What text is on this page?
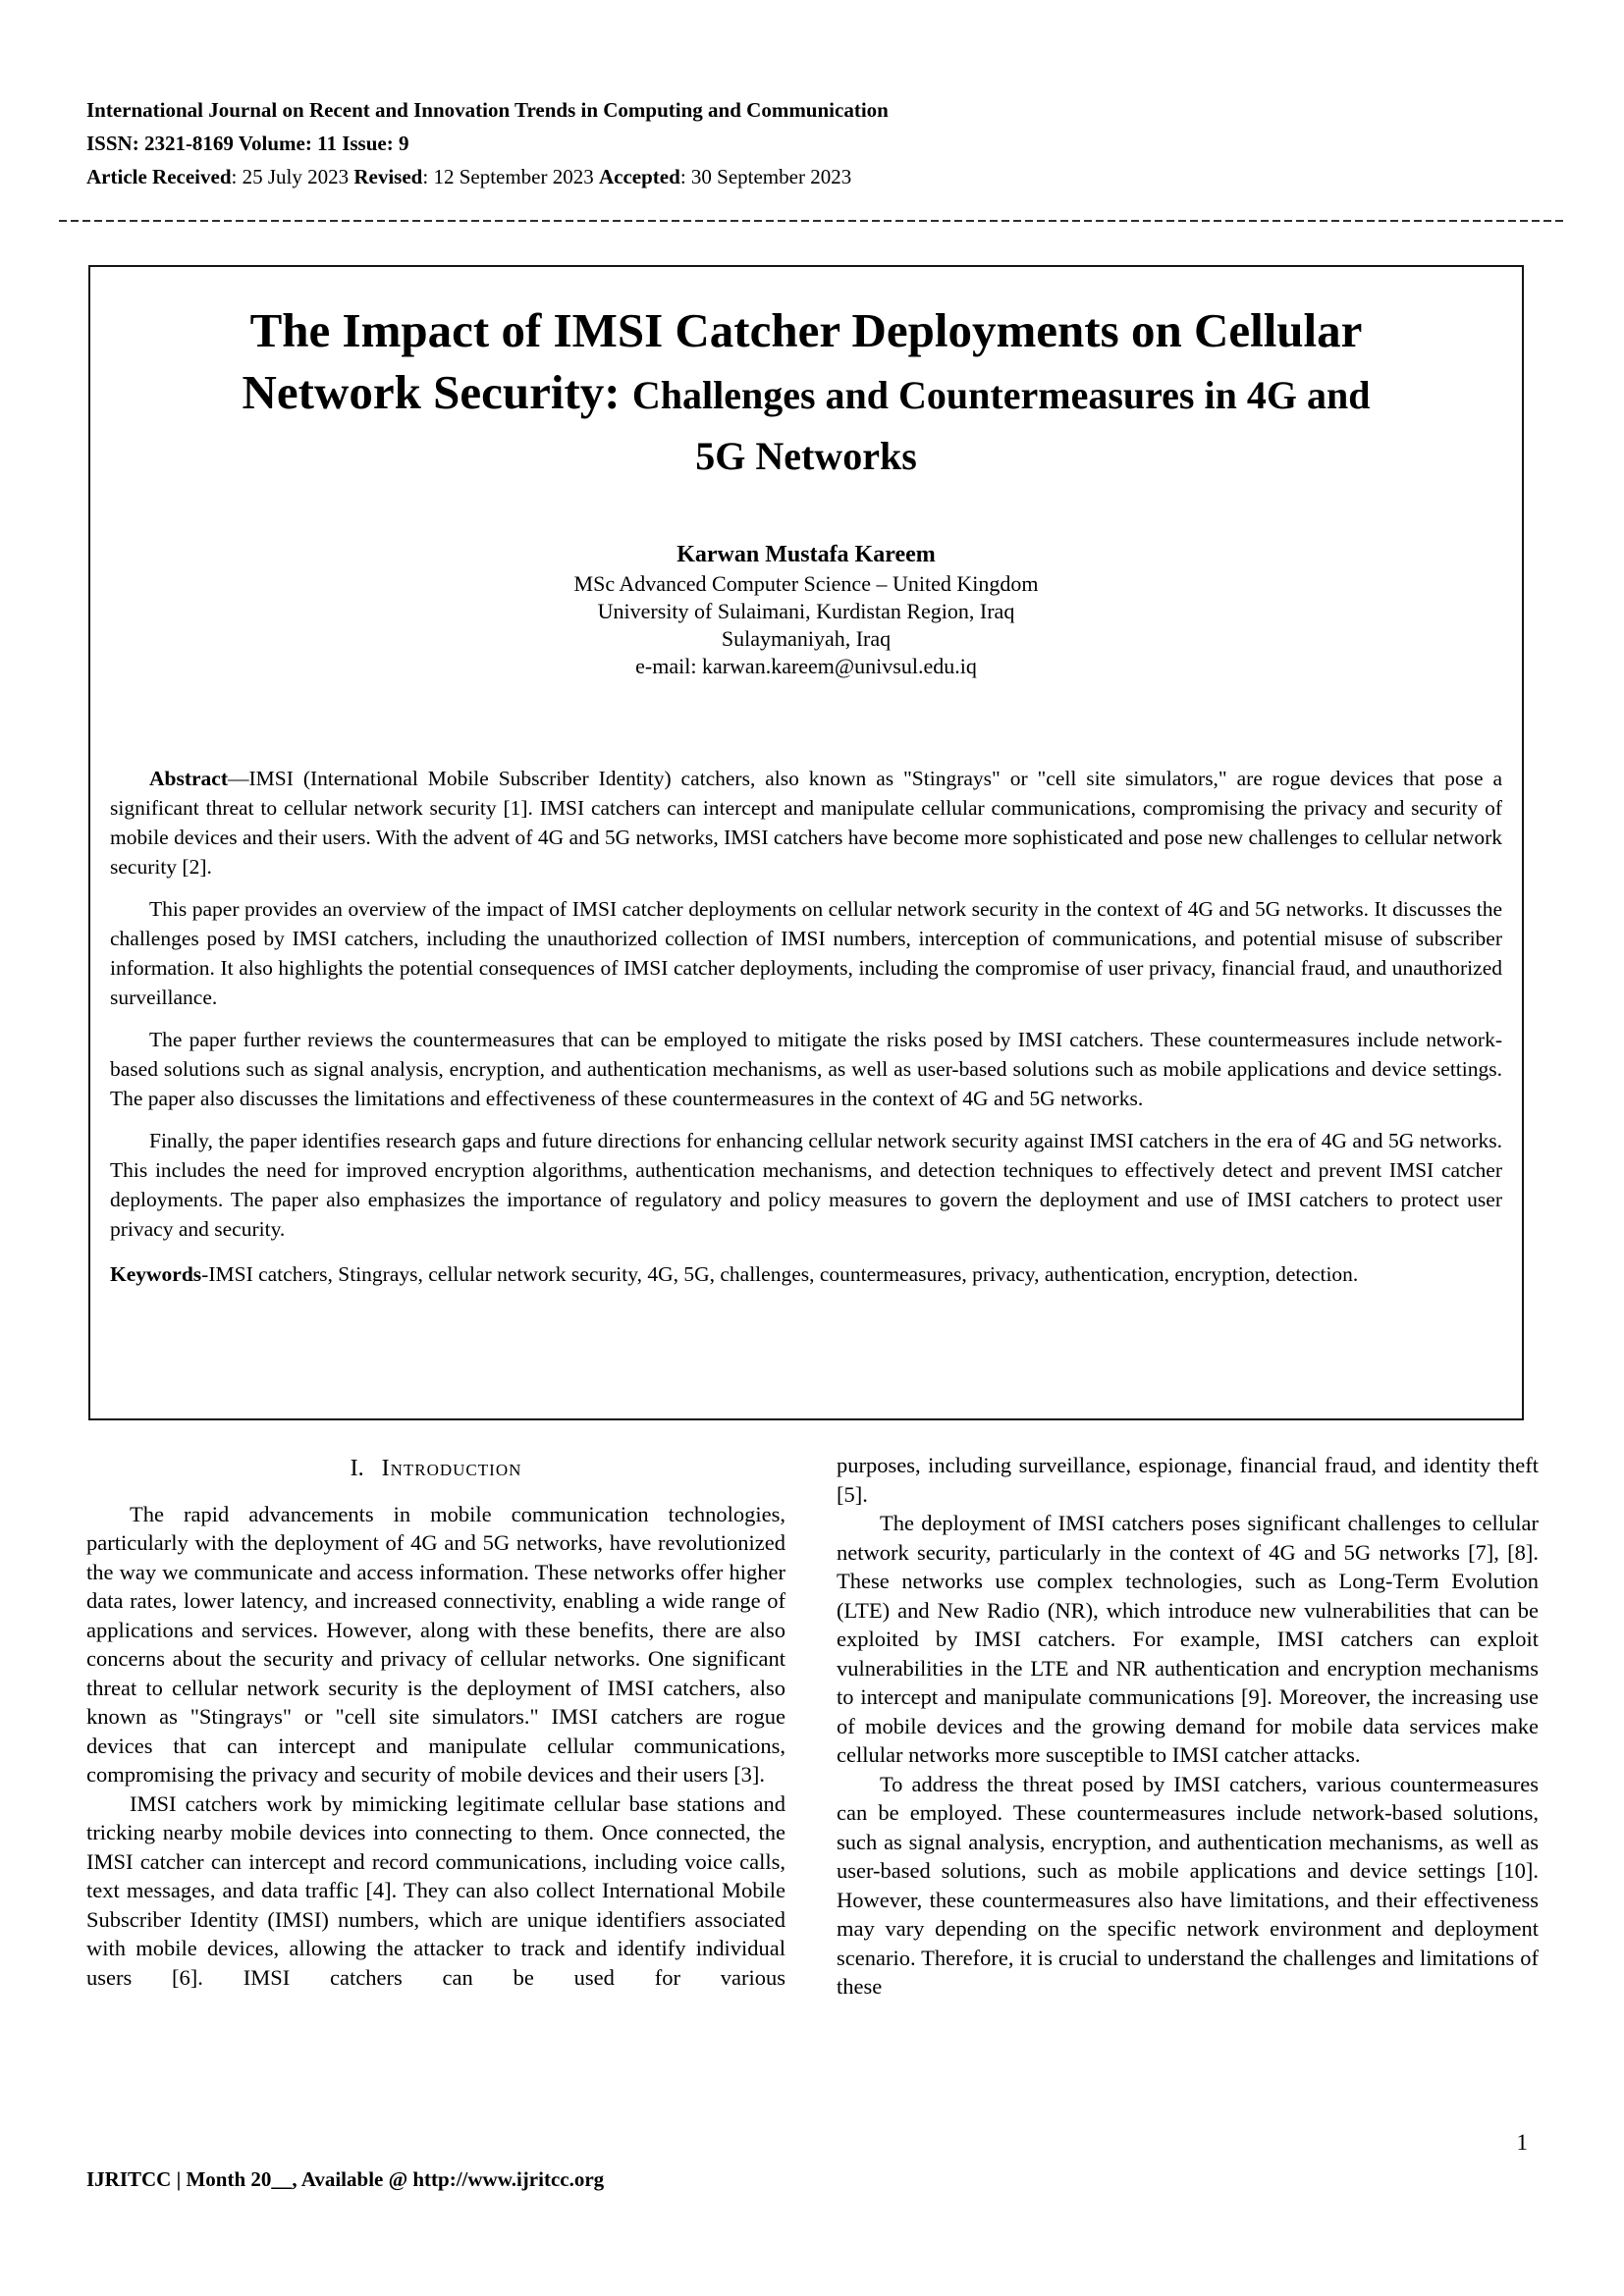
International Journal on Recent and Innovation Trends in Computing and Communication
ISSN: 2321-8169 Volume: 11 Issue: 9
Article Received: 25 July 2023 Revised: 12 September 2023 Accepted: 30 September 2023
The Impact of IMSI Catcher Deployments on Cellular Network Security: Challenges and Countermeasures in 4G and 5G Networks
Karwan Mustafa Kareem
MSc Advanced Computer Science – United Kingdom
University of Sulaimani, Kurdistan Region, Iraq
Sulaymaniyah, Iraq
e-mail: karwan.kareem@univsul.edu.iq

Abstract—IMSI (International Mobile Subscriber Identity) catchers, also known as "Stingrays" or "cell site simulators," are rogue devices that pose a significant threat to cellular network security [1]. IMSI catchers can intercept and manipulate cellular communications, compromising the privacy and security of mobile devices and their users. With the advent of 4G and 5G networks, IMSI catchers have become more sophisticated and pose new challenges to cellular network security [2].

This paper provides an overview of the impact of IMSI catcher deployments on cellular network security in the context of 4G and 5G networks. It discusses the challenges posed by IMSI catchers, including the unauthorized collection of IMSI numbers, interception of communications, and potential misuse of subscriber information. It also highlights the potential consequences of IMSI catcher deployments, including the compromise of user privacy, financial fraud, and unauthorized surveillance.

The paper further reviews the countermeasures that can be employed to mitigate the risks posed by IMSI catchers. These countermeasures include network-based solutions such as signal analysis, encryption, and authentication mechanisms, as well as user-based solutions such as mobile applications and device settings. The paper also discusses the limitations and effectiveness of these countermeasures in the context of 4G and 5G networks.

Finally, the paper identifies research gaps and future directions for enhancing cellular network security against IMSI catchers in the era of 4G and 5G networks. This includes the need for improved encryption algorithms, authentication mechanisms, and detection techniques to effectively detect and prevent IMSI catcher deployments. The paper also emphasizes the importance of regulatory and policy measures to govern the deployment and use of IMSI catchers to protect user privacy and security.

Keywords-IMSI catchers, Stingrays, cellular network security, 4G, 5G, challenges, countermeasures, privacy, authentication, encryption, detection.

I. Introduction

The rapid advancements in mobile communication technologies, particularly with the deployment of 4G and 5G networks, have revolutionized the way we communicate and access information. These networks offer higher data rates, lower latency, and increased connectivity, enabling a wide range of applications and services. However, along with these benefits, there are also concerns about the security and privacy of cellular networks. One significant threat to cellular network security is the deployment of IMSI catchers, also known as "Stingrays" or "cell site simulators." IMSI catchers are rogue devices that can intercept and manipulate cellular communications, compromising the privacy and security of mobile devices and their users [3].

IMSI catchers work by mimicking legitimate cellular base stations and tricking nearby mobile devices into connecting to them. Once connected, the IMSI catcher can intercept and record communications, including voice calls, text messages, and data traffic [4]. They can also collect International Mobile Subscriber Identity (IMSI) numbers, which are unique identifiers associated with mobile devices, allowing the attacker to track and identify individual users [6]. IMSI catchers can be used for various

purposes, including surveillance, espionage, financial fraud, and identity theft [5].

The deployment of IMSI catchers poses significant challenges to cellular network security, particularly in the context of 4G and 5G networks [7], [8]. These networks use complex technologies, such as Long-Term Evolution (LTE) and New Radio (NR), which introduce new vulnerabilities that can be exploited by IMSI catchers. For example, IMSI catchers can exploit vulnerabilities in the LTE and NR authentication and encryption mechanisms to intercept and manipulate communications [9]. Moreover, the increasing use of mobile devices and the growing demand for mobile data services make cellular networks more susceptible to IMSI catcher attacks.

To address the threat posed by IMSI catchers, various countermeasures can be employed. These countermeasures include network-based solutions, such as signal analysis, encryption, and authentication mechanisms, as well as user-based solutions, such as mobile applications and device settings [10]. However, these countermeasures also have limitations, and their effectiveness may vary depending on the specific network environment and deployment scenario. Therefore, it is crucial to understand the challenges and limitations of these

IJRITCC | Month 20__, Available @ http://www.ijritcc.org
1
